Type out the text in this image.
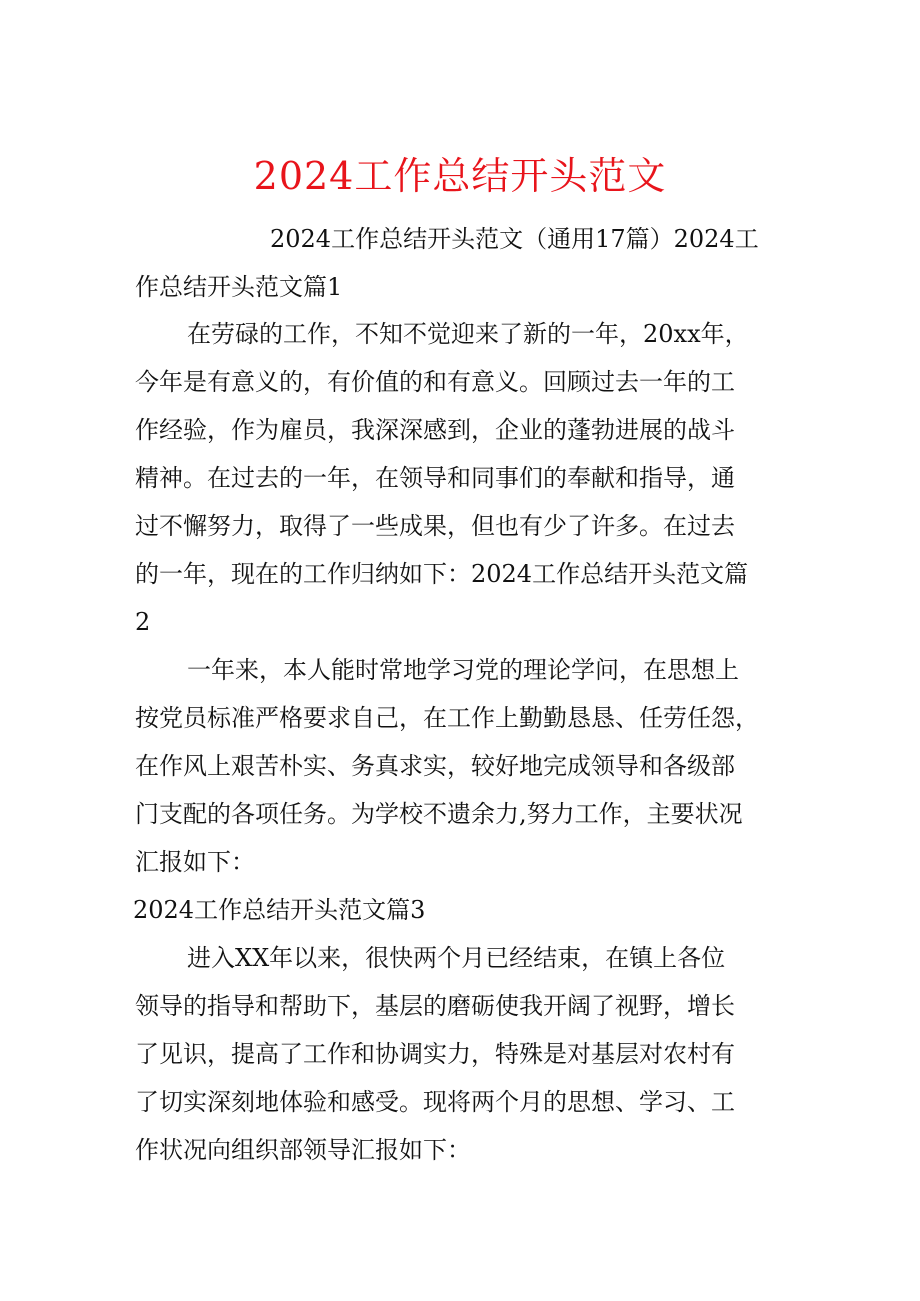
2024工作总结开头范文
2024工作总结开头范文（通用17篇）2024工
作总结开头范文篇1
在劳碌的工作，不知不觉迎来了新的一年，20xx年，
今年是有意义的，有价值的和有意义。回顾过去一年的工
作经验，作为雇员，我深深感到，企业的蓬勃进展的战斗
精神。在过去的一年，在领导和同事们的奉献和指导，通
过不懈努力，取得了一些成果，但也有少了许多。在过去
的一年，现在的工作归纳如下：2024工作总结开头范文篇
2
一年来，本人能时常地学习党的理论学问，在思想上
按党员标准严格要求自己，在工作上勤勤恳恳、任劳任怨，
在作风上艰苦朴实、务真求实，较好地完成领导和各级部
门支配的各项任务。为学校不遗余力,努力工作，主要状况
汇报如下：
2024工作总结开头范文篇3
进入XX年以来，很快两个月已经结束，在镇上各位
领导的指导和帮助下，基层的磨砺使我开阔了视野，增长
了见识，提高了工作和协调实力，特殊是对基层对农村有
了切实深刻地体验和感受。现将两个月的思想、学习、工
作状况向组织部领导汇报如下：
